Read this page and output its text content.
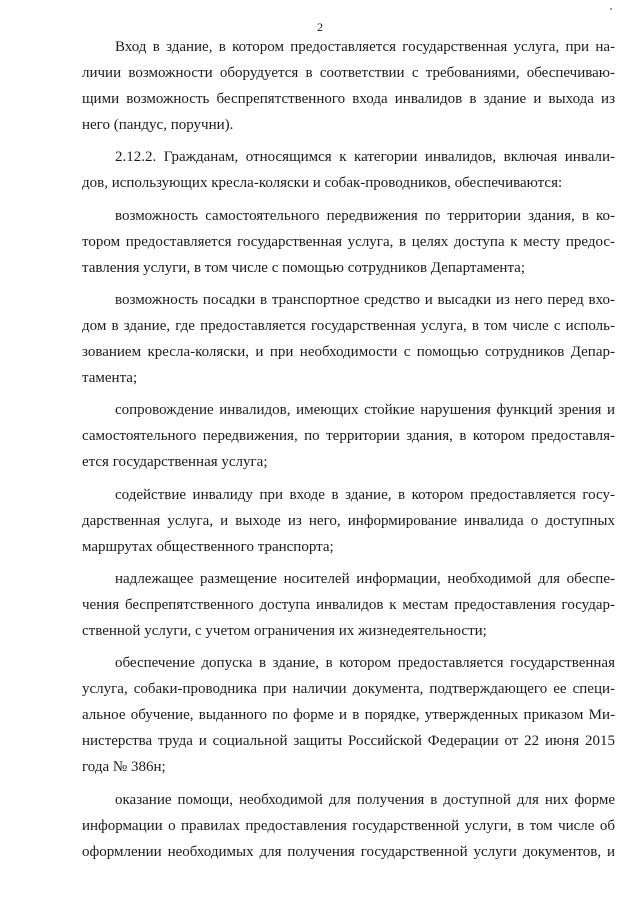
2
Вход в здание, в котором предоставляется государственная услуга, при на-
личии возможности оборудуется в соответствии с требованиями, обеспечиваю-
щими возможность беспрепятственного входа инвалидов в здание и выхода из
него (пандус, поручни).
2.12.2. Гражданам, относящимся к категории инвалидов, включая инвали-
дов, использующих кресла-коляски и собак-проводников, обеспечиваются:
возможность самостоятельного передвижения по территории здания, в ко-
тором предоставляется государственная услуга, в целях доступа к месту предос-
тавления услуги, в том числе с помощью сотрудников Департамента;
возможность посадки в транспортное средство и высадки из него перед вхо-
дом в здание, где предоставляется государственная услуга, в том числе с исполь-
зованием кресла-коляски, и при необходимости с помощью сотрудников Депар-
тамента;
сопровождение инвалидов, имеющих стойкие нарушения функций зрения и
самостоятельного передвижения, по территории здания, в котором предоставля-
ется государственная услуга;
содействие инвалиду при входе в здание, в котором предоставляется госу-
дарственная услуга, и выходе из него, информирование инвалида о доступных
маршрутах общественного транспорта;
надлежащее размещение носителей информации, необходимой для обеспе-
чения беспрепятственного доступа инвалидов к местам предоставления государ-
ственной услуги, с учетом ограничения их жизнедеятельности;
обеспечение допуска в здание, в котором предоставляется государственная
услуга, собаки-проводника при наличии документа, подтверждающего ее специ-
альное обучение, выданного по форме и в порядке, утвержденных приказом Ми-
нистерства труда и социальной защиты Российской Федерации от 22 июня 2015
года № 386н;
оказание помощи, необходимой для получения в доступной для них форме
информации о правилах предоставления государственной услуги, в том числе об
оформлении необходимых для получения государственной услуги документов, и
